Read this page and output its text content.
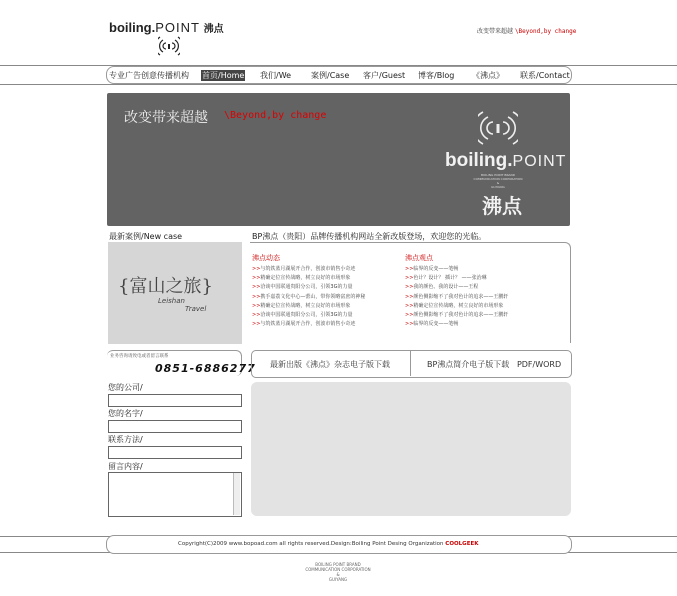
boiling.POINT 沸点	改变带来超越 \Beyond,by change
专业广告创意传播机构 首页/Home 我们/We 案例/Case 客户/Guest 博客/Blog 《沸点》 联系/Contact
改变带来超越 \Beyond,by change
boiling.POINT
BOILING POINT BRAND
COMMUNICATION CORPORATION
&
GUIYANG
沸点
最新案例/New case
{富山之旅}
Leishan
Travel
业务咨询请致电或者留言联系
0851-6886277
您的公司/
您的名字/
联系方法/
留言内容/
BP沸点（贵阳）品牌传播机构网站全新改版登场，欢迎您的光临。
沸点动态
>>与筑铁蓝月湖展开合作，创波市销售小奇迹
>>精确定位宣传战略，树立良好的市场形象
>>洽谈中国联通贵阳分公司，引领3G的力量
>>携手嘉荔文化中心—蕾山，带你领略富庶的神秘
>>精确定位宣传战略，树立良好的市场形象
>>洽谈中国联通贵阳分公司，引领3G的力量
>>与筑铁蓝月湖展开合作，创波市销售小奇迹
沸点观点
>>临界的反变——笔畅
>>色计？设计？ 插计？ ——张治琳
>>我的颜色、我的设计——王程
>>颜色侧影缩不了我对色计的追求——王鹏轩
>>精确定位宣传战略，树立良好的市场形象
>>颜色侧影缩不了我对色计的追求——王鹏轩
>>临界的反变——笔畅
最新出版《沸点》杂志电子版下载	BP沸点简介电子版下载   PDF/WORD
Copyright(C)2009 www.bopoad.com all rights reserved.Design:Boiling Point Desing Organization COOLGEEK
BOILING POINT BRAND
COMMUNICATION CORPORATION
&
GUIYANG
